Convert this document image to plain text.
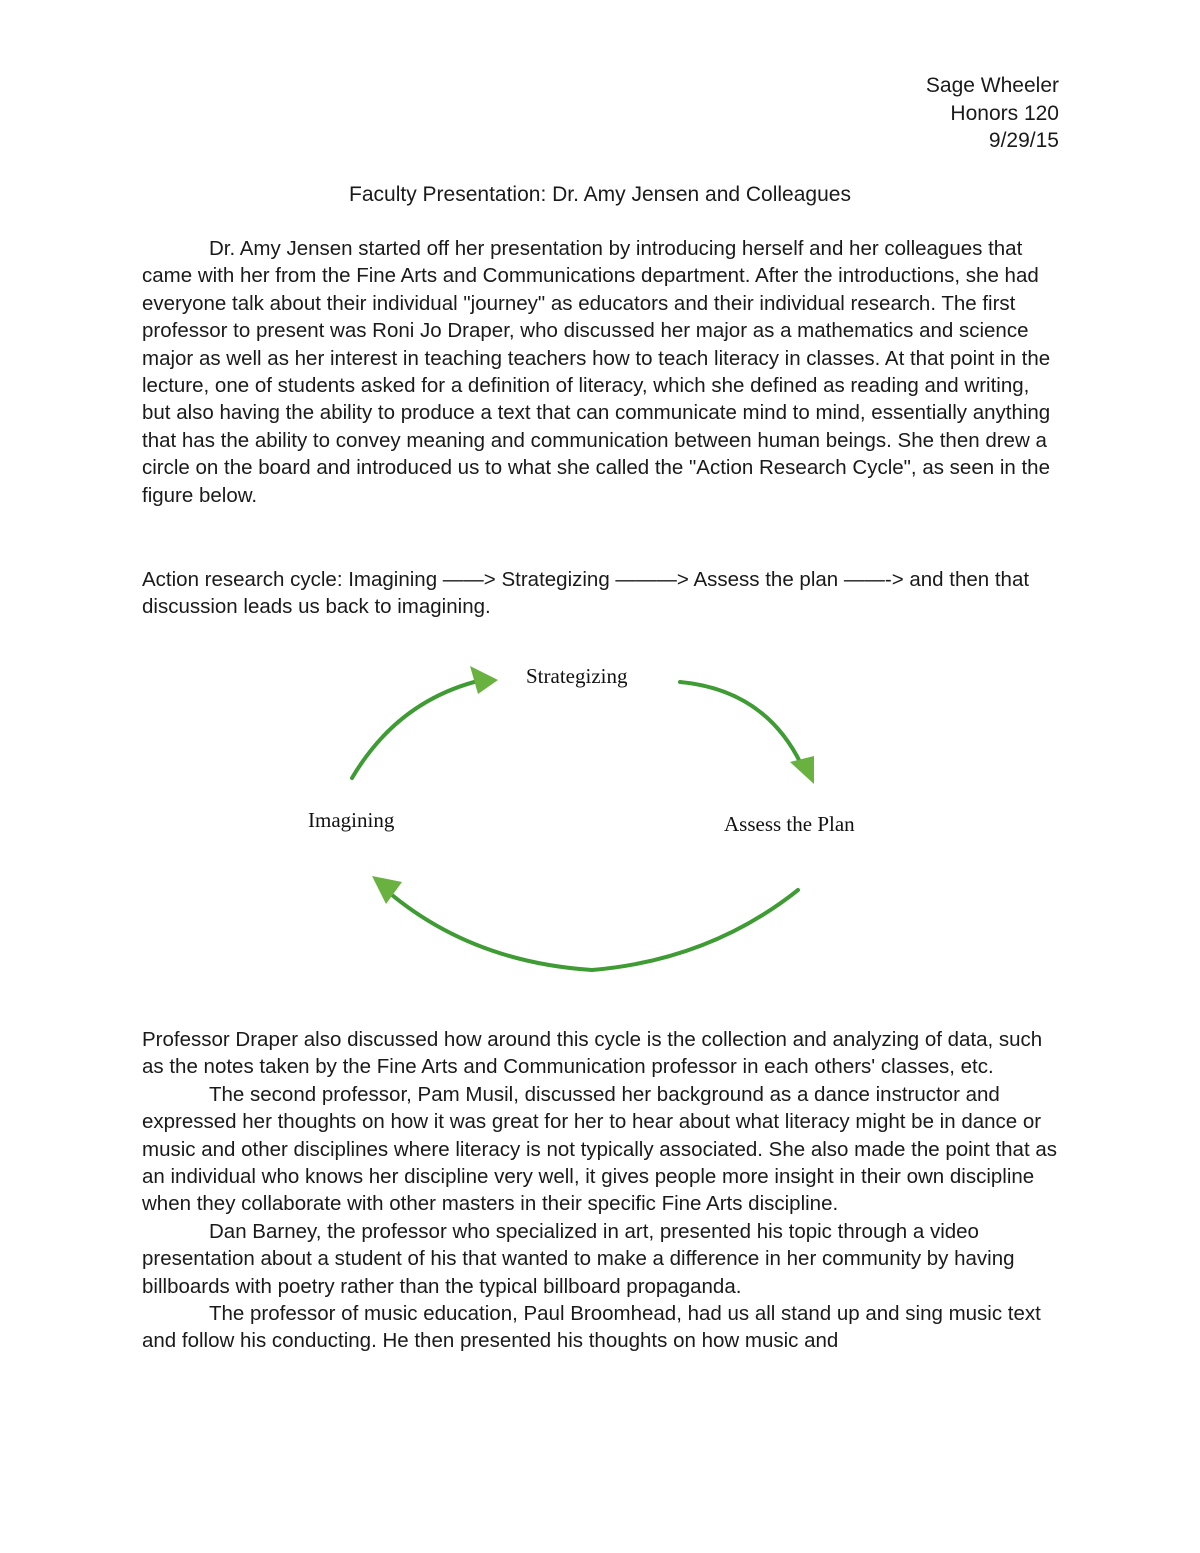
Sage Wheeler
Honors 120
9/29/15
Faculty Presentation: Dr. Amy Jensen and Colleagues

Dr. Amy Jensen started off her presentation by introducing herself and her colleagues that came with her from the Fine Arts and Communications department. After the introductions, she had everyone talk about their individual "journey" as educators and their individual research. The first professor to present was Roni Jo Draper, who discussed her major as a mathematics and science major as well as her interest in teaching teachers how to teach literacy in classes. At that point in the lecture, one of students asked for a definition of literacy, which she defined as reading and writing, but also having the ability to produce a text that can communicate mind to mind, essentially anything that has the ability to convey meaning and communication between human beings. She then drew a circle on the board and introduced us to what she called the "Action Research Cycle", as seen in the figure below.

Action research cycle: Imagining ——> Strategizing ———> Assess the plan ——-> and then that discussion leads us back to imagining.

Strategizing
Imagining	Assess the Plan

Professor Draper also discussed how around this cycle is the collection and analyzing of data, such as the notes taken by the Fine Arts and Communication professor in each others' classes, etc.

The second professor, Pam Musil, discussed her background as a dance instructor and expressed her thoughts on how it was great for her to hear about what literacy might be in dance or music and other disciplines where literacy is not typically associated. She also made the point that as an individual who knows her discipline very well, it gives people more insight in their own discipline when they collaborate with other masters in their specific Fine Arts discipline.

Dan Barney, the professor who specialized in art, presented his topic through a video presentation about a student of his that wanted to make a difference in her community by having billboards with poetry rather than the typical billboard propaganda.

The professor of music education, Paul Broomhead, had us all stand up and sing music text and follow his conducting. He then presented his thoughts on how music and
